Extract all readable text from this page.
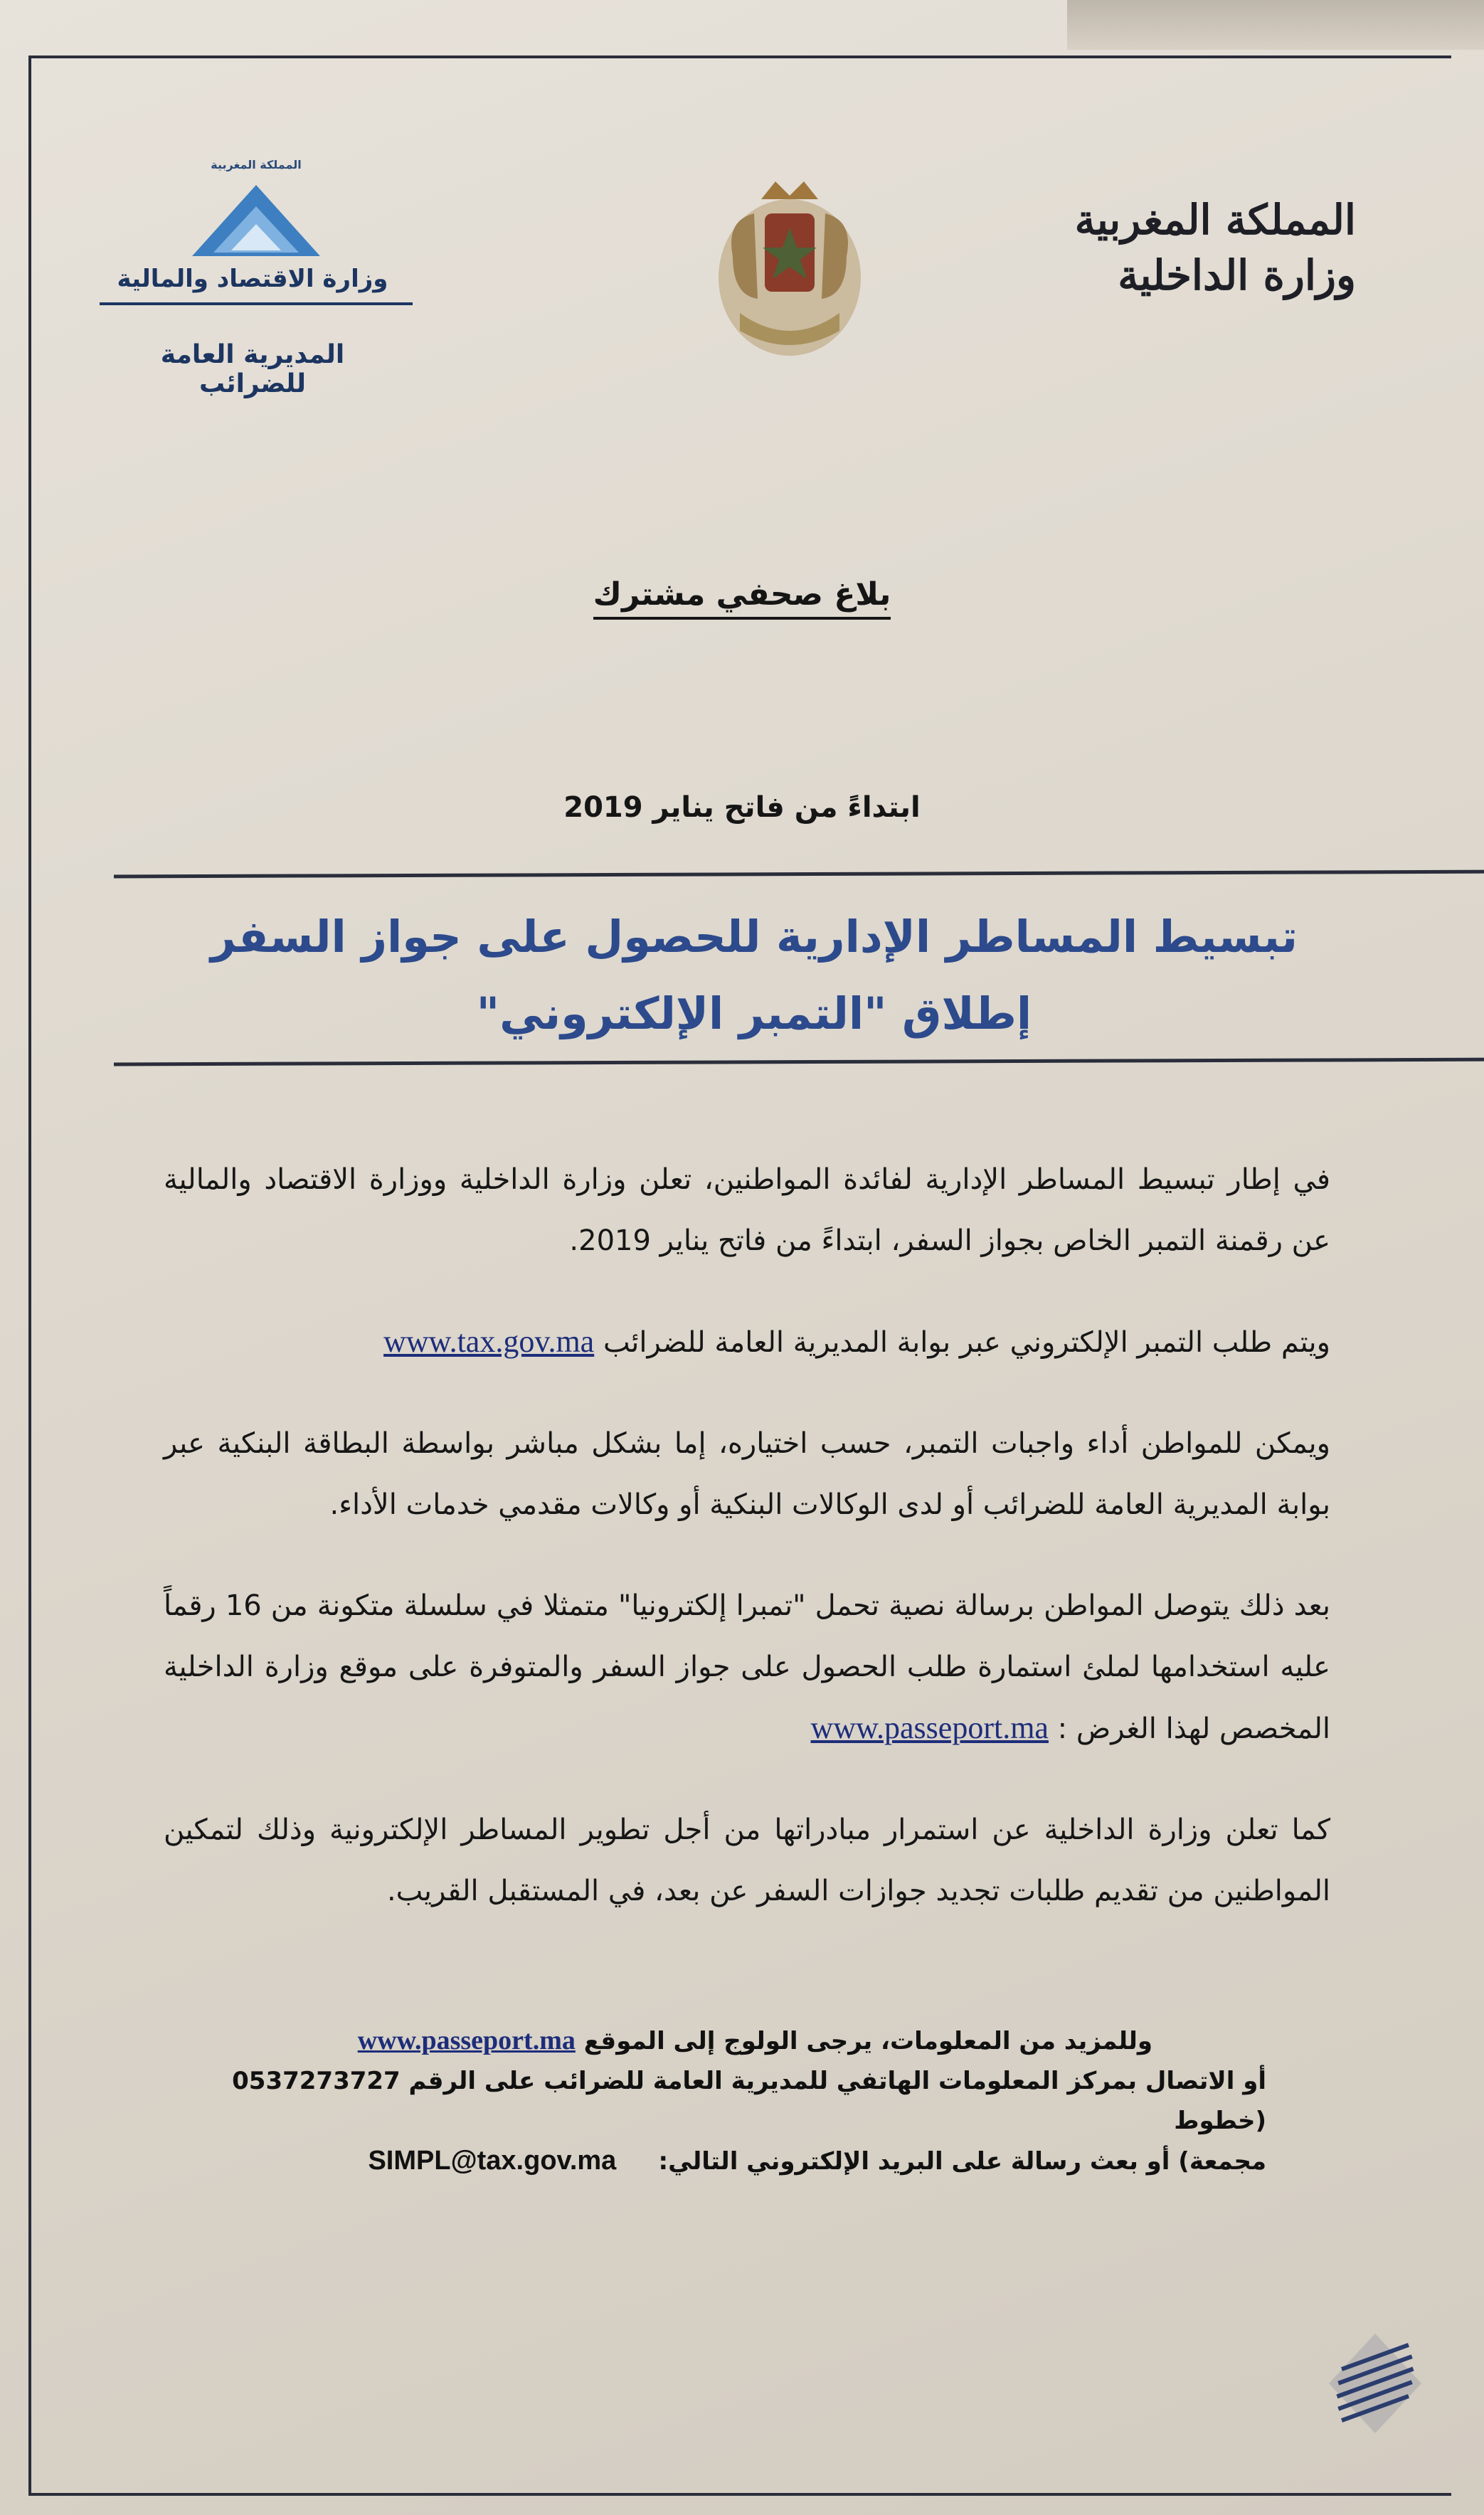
المملكة المغربية
وزارة الداخلية
المملكة المغربية
وزارة الاقتصاد والمالية
المديرية العامة للضرائب
بلاغ صحفي مشترك
ابتداءً من فاتح يناير 2019
تبسيط المساطر الإدارية للحصول على جواز السفر
إطلاق "التمبر الإلكتروني"

في إطار تبسيط المساطر الإدارية لفائدة المواطنين، تعلن وزارة الداخلية ووزارة الاقتصاد والمالية عن رقمنة التمبر الخاص بجواز السفر، ابتداءً من فاتح يناير 2019.

ويتم طلب التمبر الإلكتروني عبر بوابة المديرية العامة للضرائب www.tax.gov.ma

ويمكن للمواطن أداء واجبات التمبر، حسب اختياره، إما بشكل مباشر بواسطة البطاقة البنكية عبر بوابة المديرية العامة للضرائب أو لدى الوكالات البنكية أو وكالات مقدمي خدمات الأداء.

بعد ذلك يتوصل المواطن برسالة نصية تحمل "تمبرا إلكترونيا" متمثلا في سلسلة متكونة من 16 رقماً عليه استخدامها لملئ استمارة طلب الحصول على جواز السفر والمتوفرة على موقع وزارة الداخلية المخصص لهذا الغرض : www.passeport.ma

كما تعلن وزارة الداخلية عن استمرار مبادراتها من أجل تطوير المساطر الإلكترونية وذلك لتمكين المواطنين من تقديم طلبات تجديد جوازات السفر عن بعد، في المستقبل القريب.

وللمزيد من المعلومات، يرجى الولوج إلى الموقع www.passeport.ma
أو الاتصال بمركز المعلومات الهاتفي للمديرية العامة للضرائب على الرقم 0537273727 (خطوط
مجمعة) أو بعث رسالة على البريد الإلكتروني التالي:     SIMPL@tax.gov.ma
